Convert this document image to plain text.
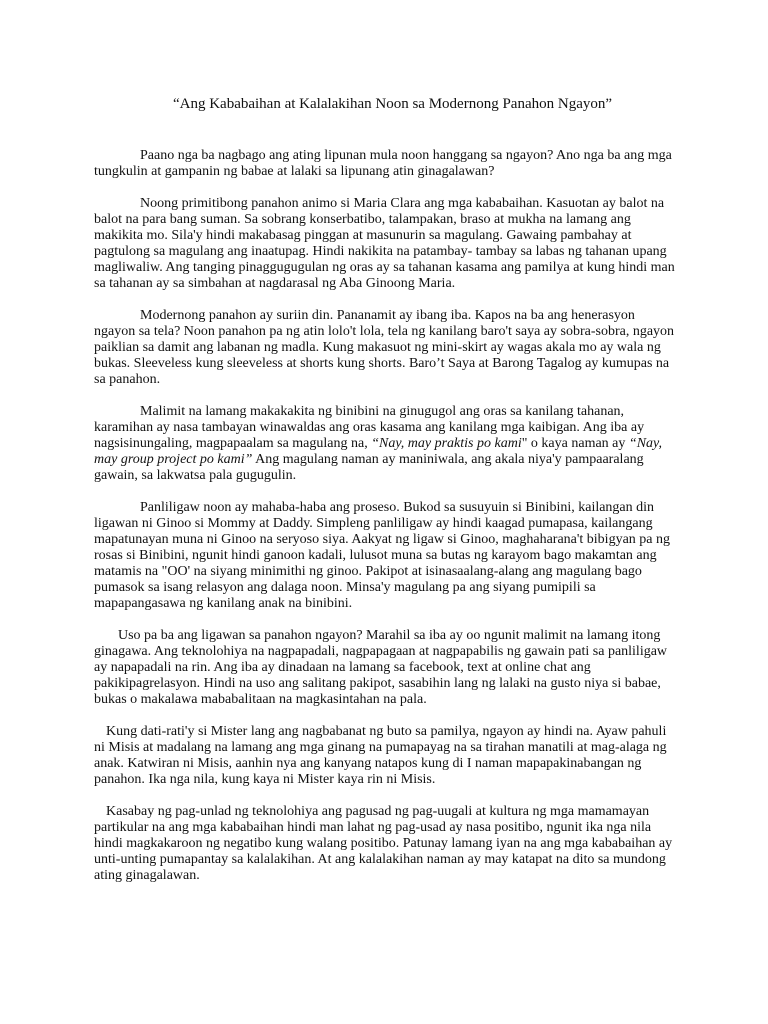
“Ang Kababaihan at Kalalakihan Noon sa Modernong Panahon Ngayon”

Paano nga ba nagbago ang ating lipunan mula noon hanggang sa ngayon? Ano nga ba ang mga tungkulin at gampanin ng babae at lalaki sa lipunang atin ginagalawan?

Noong primitibong panahon animo si Maria Clara ang mga kababaihan. Kasuotan ay balot na balot na para bang suman. Sa sobrang konserbatibo, talampakan, braso at mukha na lamang ang makikita mo. Sila'y hindi makabasag pinggan at masunurin sa magulang. Gawaing pambahay at pagtulong sa magulang ang inaatupag. Hindi nakikita na patambay- tambay sa labas ng tahanan upang magliwaliw. Ang tanging pinaggugugulan ng oras ay sa tahanan kasama ang pamilya at kung hindi man sa tahanan ay sa simbahan at nagdarasal ng Aba Ginoong Maria.

Modernong panahon ay suriin din. Pananamit ay ibang iba. Kapos na ba ang henerasyon ngayon sa tela? Noon panahon pa ng atin lolo't lola, tela ng kanilang baro't saya ay sobra-sobra, ngayon paiklian sa damit ang labanan ng madla. Kung makasuot ng mini-skirt ay wagas akala mo ay wala ng bukas. Sleeveless kung sleeveless at shorts kung shorts. Baro’t Saya at Barong Tagalog ay kumupas na sa panahon.

Malimit na lamang makakakita ng binibini na ginugugol ang oras sa kanilang tahanan, karamihan ay nasa tambayan winawaldas ang oras kasama ang kanilang mga kaibigan. Ang iba ay nagsisinungaling, magpapaalam sa magulang na, “Nay, may praktis po kami" o kaya naman ay “Nay, may group project po kami” Ang magulang naman ay maniniwala, ang akala niya'y pampaaralang gawain, sa lakwatsa pala gugugulin.

Panliligaw noon ay mahaba-haba ang proseso. Bukod sa susuyuin si Binibini, kailangan din ligawan ni Ginoo si Mommy at Daddy. Simpleng panliligaw ay hindi kaagad pumapasa, kailangang mapatunayan muna ni Ginoo na seryoso siya. Aakyat ng ligaw si Ginoo, maghaharana't bibigyan pa ng rosas si Binibini, ngunit hindi ganoon kadali, lulusot muna sa butas ng karayom bago makamtan ang matamis na "OO' na siyang minimithi ng ginoo. Pakipot at isinasaalang-alang ang magulang bago pumasok sa isang relasyon ang dalaga noon. Minsa'y magulang pa ang siyang pumipili sa mapapangasawa ng kanilang anak na binibini.

Uso pa ba ang ligawan sa panahon ngayon? Marahil sa iba ay oo ngunit malimit na lamang itong ginagawa. Ang teknolohiya na nagpapadali, nagpapagaan at nagpapabilis ng gawain pati sa panliligaw ay napapadali na rin. Ang iba ay dinadaan na lamang sa facebook, text at online chat ang pakikipagrelasyon. Hindi na uso ang salitang pakipot, sasabihin lang ng lalaki na gusto niya si babae, bukas o makalawa mababalitaan na magkasintahan na pala.

Kung dati-rati'y si Mister lang ang nagbabanat ng buto sa pamilya, ngayon ay hindi na. Ayaw pahuli ni Misis at madalang na lamang ang mga ginang na pumapayag na sa tirahan manatili at mag-alaga ng anak. Katwiran ni Misis, aanhin nya ang kanyang natapos kung di I naman mapapakinabangan ng panahon. Ika nga nila, kung kaya ni Mister kaya rin ni Misis.

Kasabay ng pag-unlad ng teknolohiya ang pagusad ng pag-uugali at kultura ng mga mamamayan partikular na ang mga kababaihan hindi man lahat ng pag-usad ay nasa positibo, ngunit ika nga nila hindi magkakaroon ng negatibo kung walang positibo. Patunay lamang iyan na ang mga kababaihan ay unti-unting pumapantay sa kalalakihan. At ang kalalakihan naman ay may katapat na dito sa mundong ating ginagalawan.
